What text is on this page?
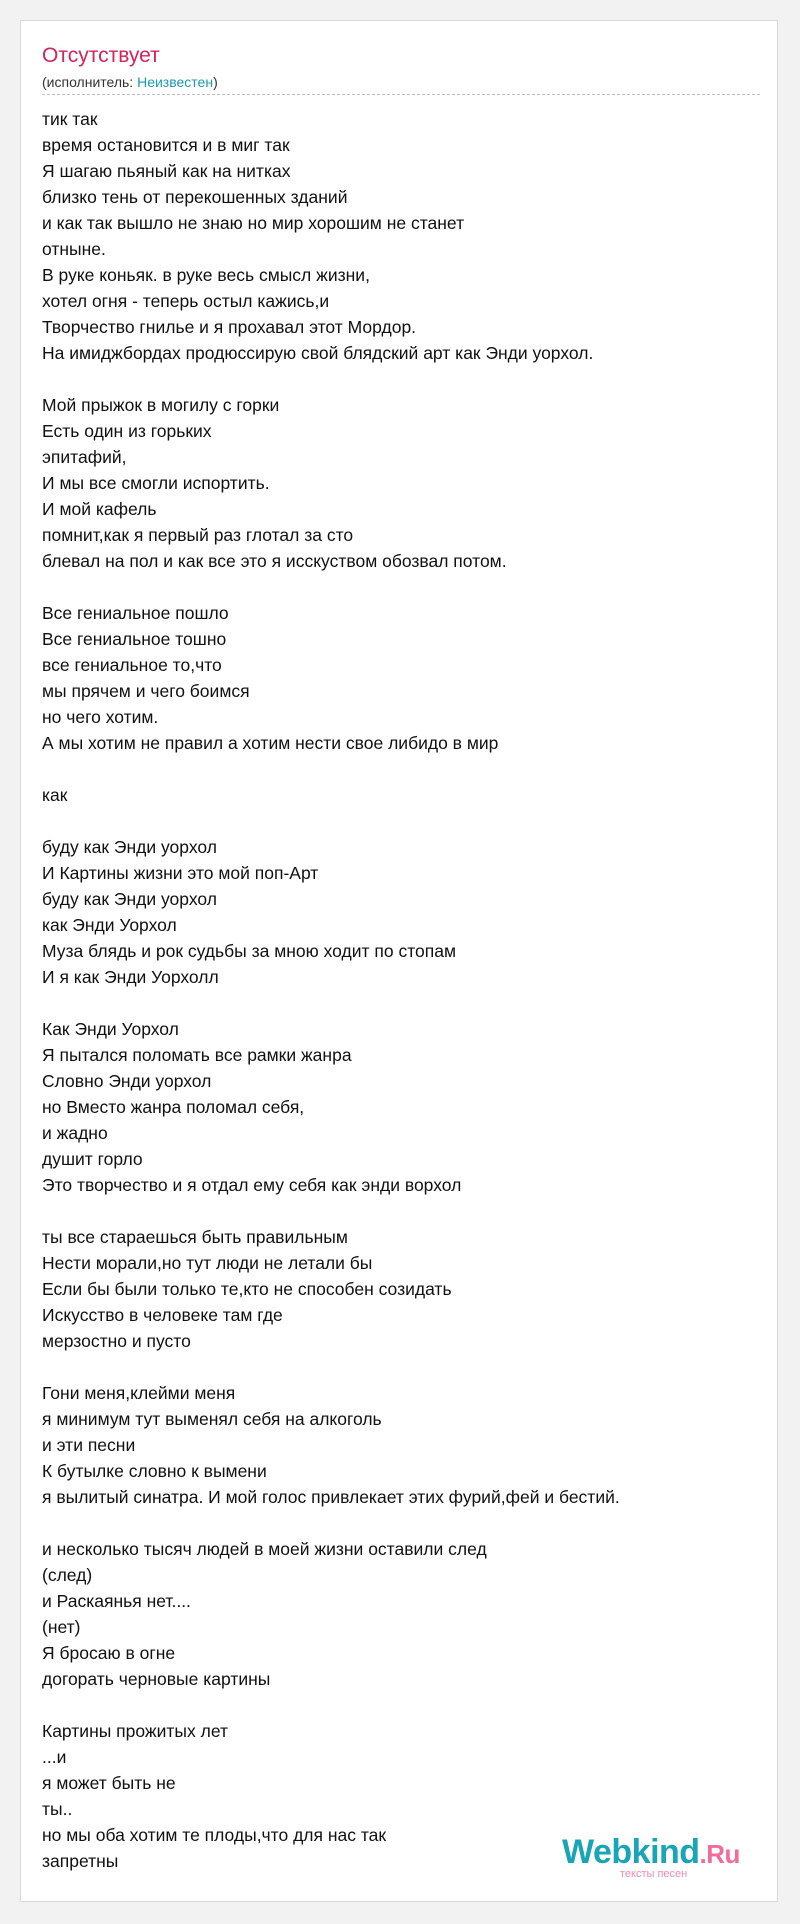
Отсутствует
(исполнитель: Неизвестен)
тик так
время остановится и в миг так
Я шагаю пьяный как на нитках
близко тень от перекошенных зданий
и как так вышло не знаю но мир хорошим не станет
отныне.
В руке коньяк. в руке весь смысл жизни,
хотел огня - теперь остыл кажись,и
Творчество гнилье и я прохавал этот Мордор.
На имиджбордах продюссирую свой блядский арт как Энди уорхол.
Мой прыжок в могилу с горки
Есть один из горьких
эпитафий,
И мы все смогли испортить.
И мой кафель
помнит,как я первый раз глотал за сто
блевал на пол и как все это я исскуством обозвал потом.
Все гениальное пошло
Все гениальное тошно
все гениальное то,что
мы прячем и чего боимся
но чего хотим.
А мы хотим не правил а хотим нести свое либидо в мир
как
буду как Энди уорхол
И Картины жизни это мой поп-Арт
буду как Энди уорхол
как Энди Уорхол
Муза блядь и рок судьбы за мною ходит по стопам
И я как Энди Уорхолл
Как Энди Уорхол
Я пытался поломать все рамки жанра
Словно Энди уорхол
но Вместо жанра поломал себя,
и жадно
душит горло
Это творчество и я отдал ему себя как энди ворхол
ты все стараешься быть правильным
Нести морали,но тут люди не летали бы
Если бы были только те,кто не способен созидать
Искусство в человеке там где
мерзостно и пусто
Гони меня,клейми меня
я минимум тут выменял себя на алкоголь
и эти песни
К бутылке словно к вымени
я вылитый синатра. И мой голос привлекает этих фурий,фей и бестий.
и несколько тысяч людей в моей жизни оставили след
(след)
и Раскаянья нет....
(нет)
Я бросаю в огне
догорать черновые картины
Картины прожитых лет
...и
я может быть не
ты..
но мы оба хотим те плоды,что для нас так
запретны	Webkind.Ru
тексты песен
